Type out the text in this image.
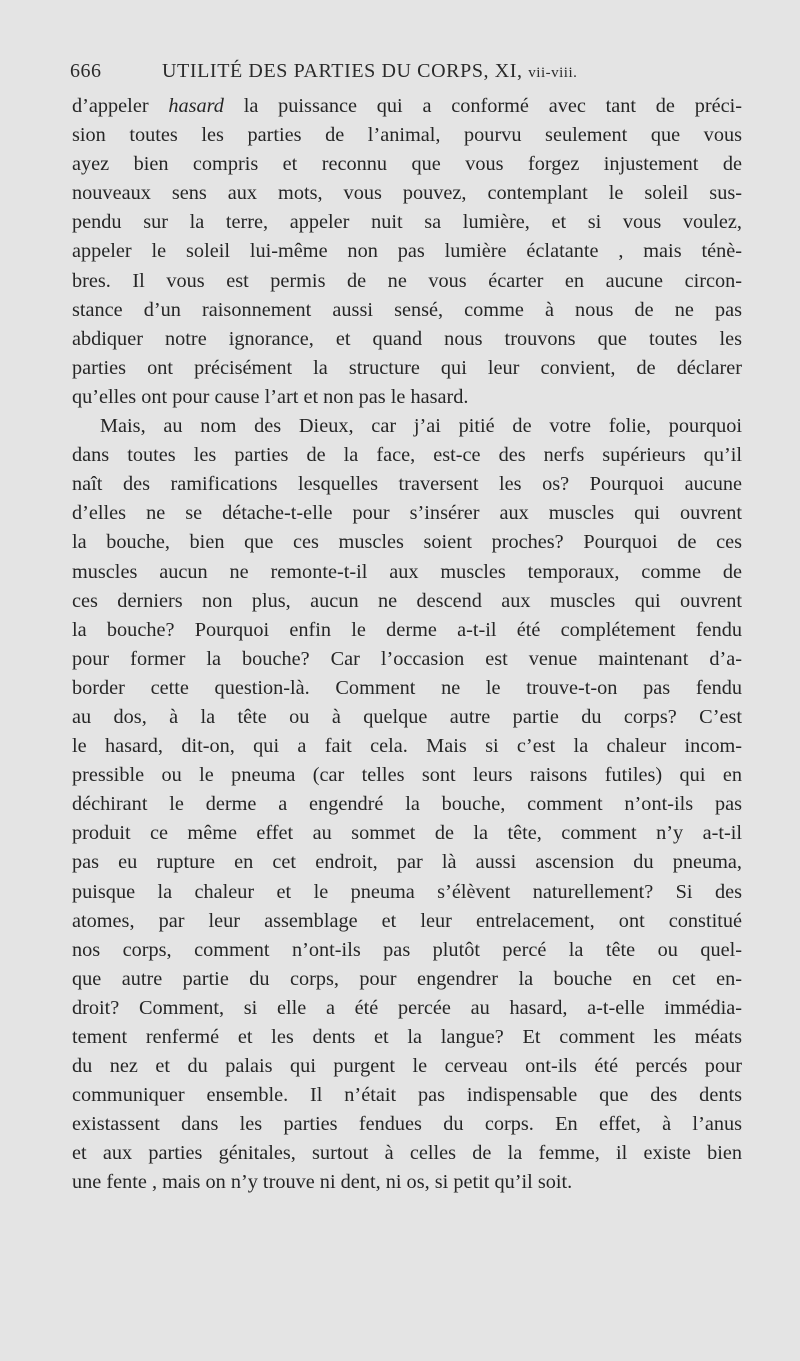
666	UTILITÉ DES PARTIES DU CORPS, XI, vii-viii.
d’appeler hasard la puissance qui a conformé avec tant de préci-
sion toutes les parties de l’animal, pourvu seulement que vous
ayez bien compris et reconnu que vous forgez injustement de
nouveaux sens aux mots, vous pouvez, contemplant le soleil sus-
pendu sur la terre, appeler nuit sa lumière, et si vous voulez,
appeler le soleil lui-même non pas lumière éclatante , mais ténè-
bres. Il vous est permis de ne vous écarter en aucune circon-
stance d’un raisonnement aussi sensé, comme à nous de ne pas
abdiquer notre ignorance, et quand nous trouvons que toutes les
parties ont précisément la structure qui leur convient, de déclarer
qu’elles ont pour cause l’art et non pas le hasard.
Mais, au nom des Dieux, car j’ai pitié de votre folie, pourquoi
dans toutes les parties de la face, est-ce des nerfs supérieurs qu’il
naît des ramifications lesquelles traversent les os? Pourquoi aucune
d’elles ne se détache-t-elle pour s’insérer aux muscles qui ouvrent
la bouche, bien que ces muscles soient proches? Pourquoi de ces
muscles aucun ne remonte-t-il aux muscles temporaux, comme de
ces derniers non plus, aucun ne descend aux muscles qui ouvrent
la bouche? Pourquoi enfin le derme a-t-il été complétement fendu
pour former la bouche? Car l’occasion est venue maintenant d’a-
border cette question-là. Comment ne le trouve-t-on pas fendu
au dos, à la tête ou à quelque autre partie du corps? C’est
le hasard, dit-on, qui a fait cela. Mais si c’est la chaleur incom-
pressible ou le pneuma (car telles sont leurs raisons futiles) qui en
déchirant le derme a engendré la bouche, comment n’ont-ils pas
produit ce même effet au sommet de la tête, comment n’y a-t-il
pas eu rupture en cet endroit, par là aussi ascension du pneuma,
puisque la chaleur et le pneuma s’élèvent naturellement? Si des
atomes, par leur assemblage et leur entrelacement, ont constitué
nos corps, comment n’ont-ils pas plutôt percé la tête ou quel-
que autre partie du corps, pour engendrer la bouche en cet en-
droit? Comment, si elle a été percée au hasard, a-t-elle immédia-
tement renfermé et les dents et la langue? Et comment les méats
du nez et du palais qui purgent le cerveau ont-ils été percés pour
communiquer ensemble. Il n’était pas indispensable que des dents
existassent dans les parties fendues du corps. En effet, à l’anus
et aux parties génitales, surtout à celles de la femme, il existe bien
une fente , mais on n’y trouve ni dent, ni os, si petit qu’il soit.
